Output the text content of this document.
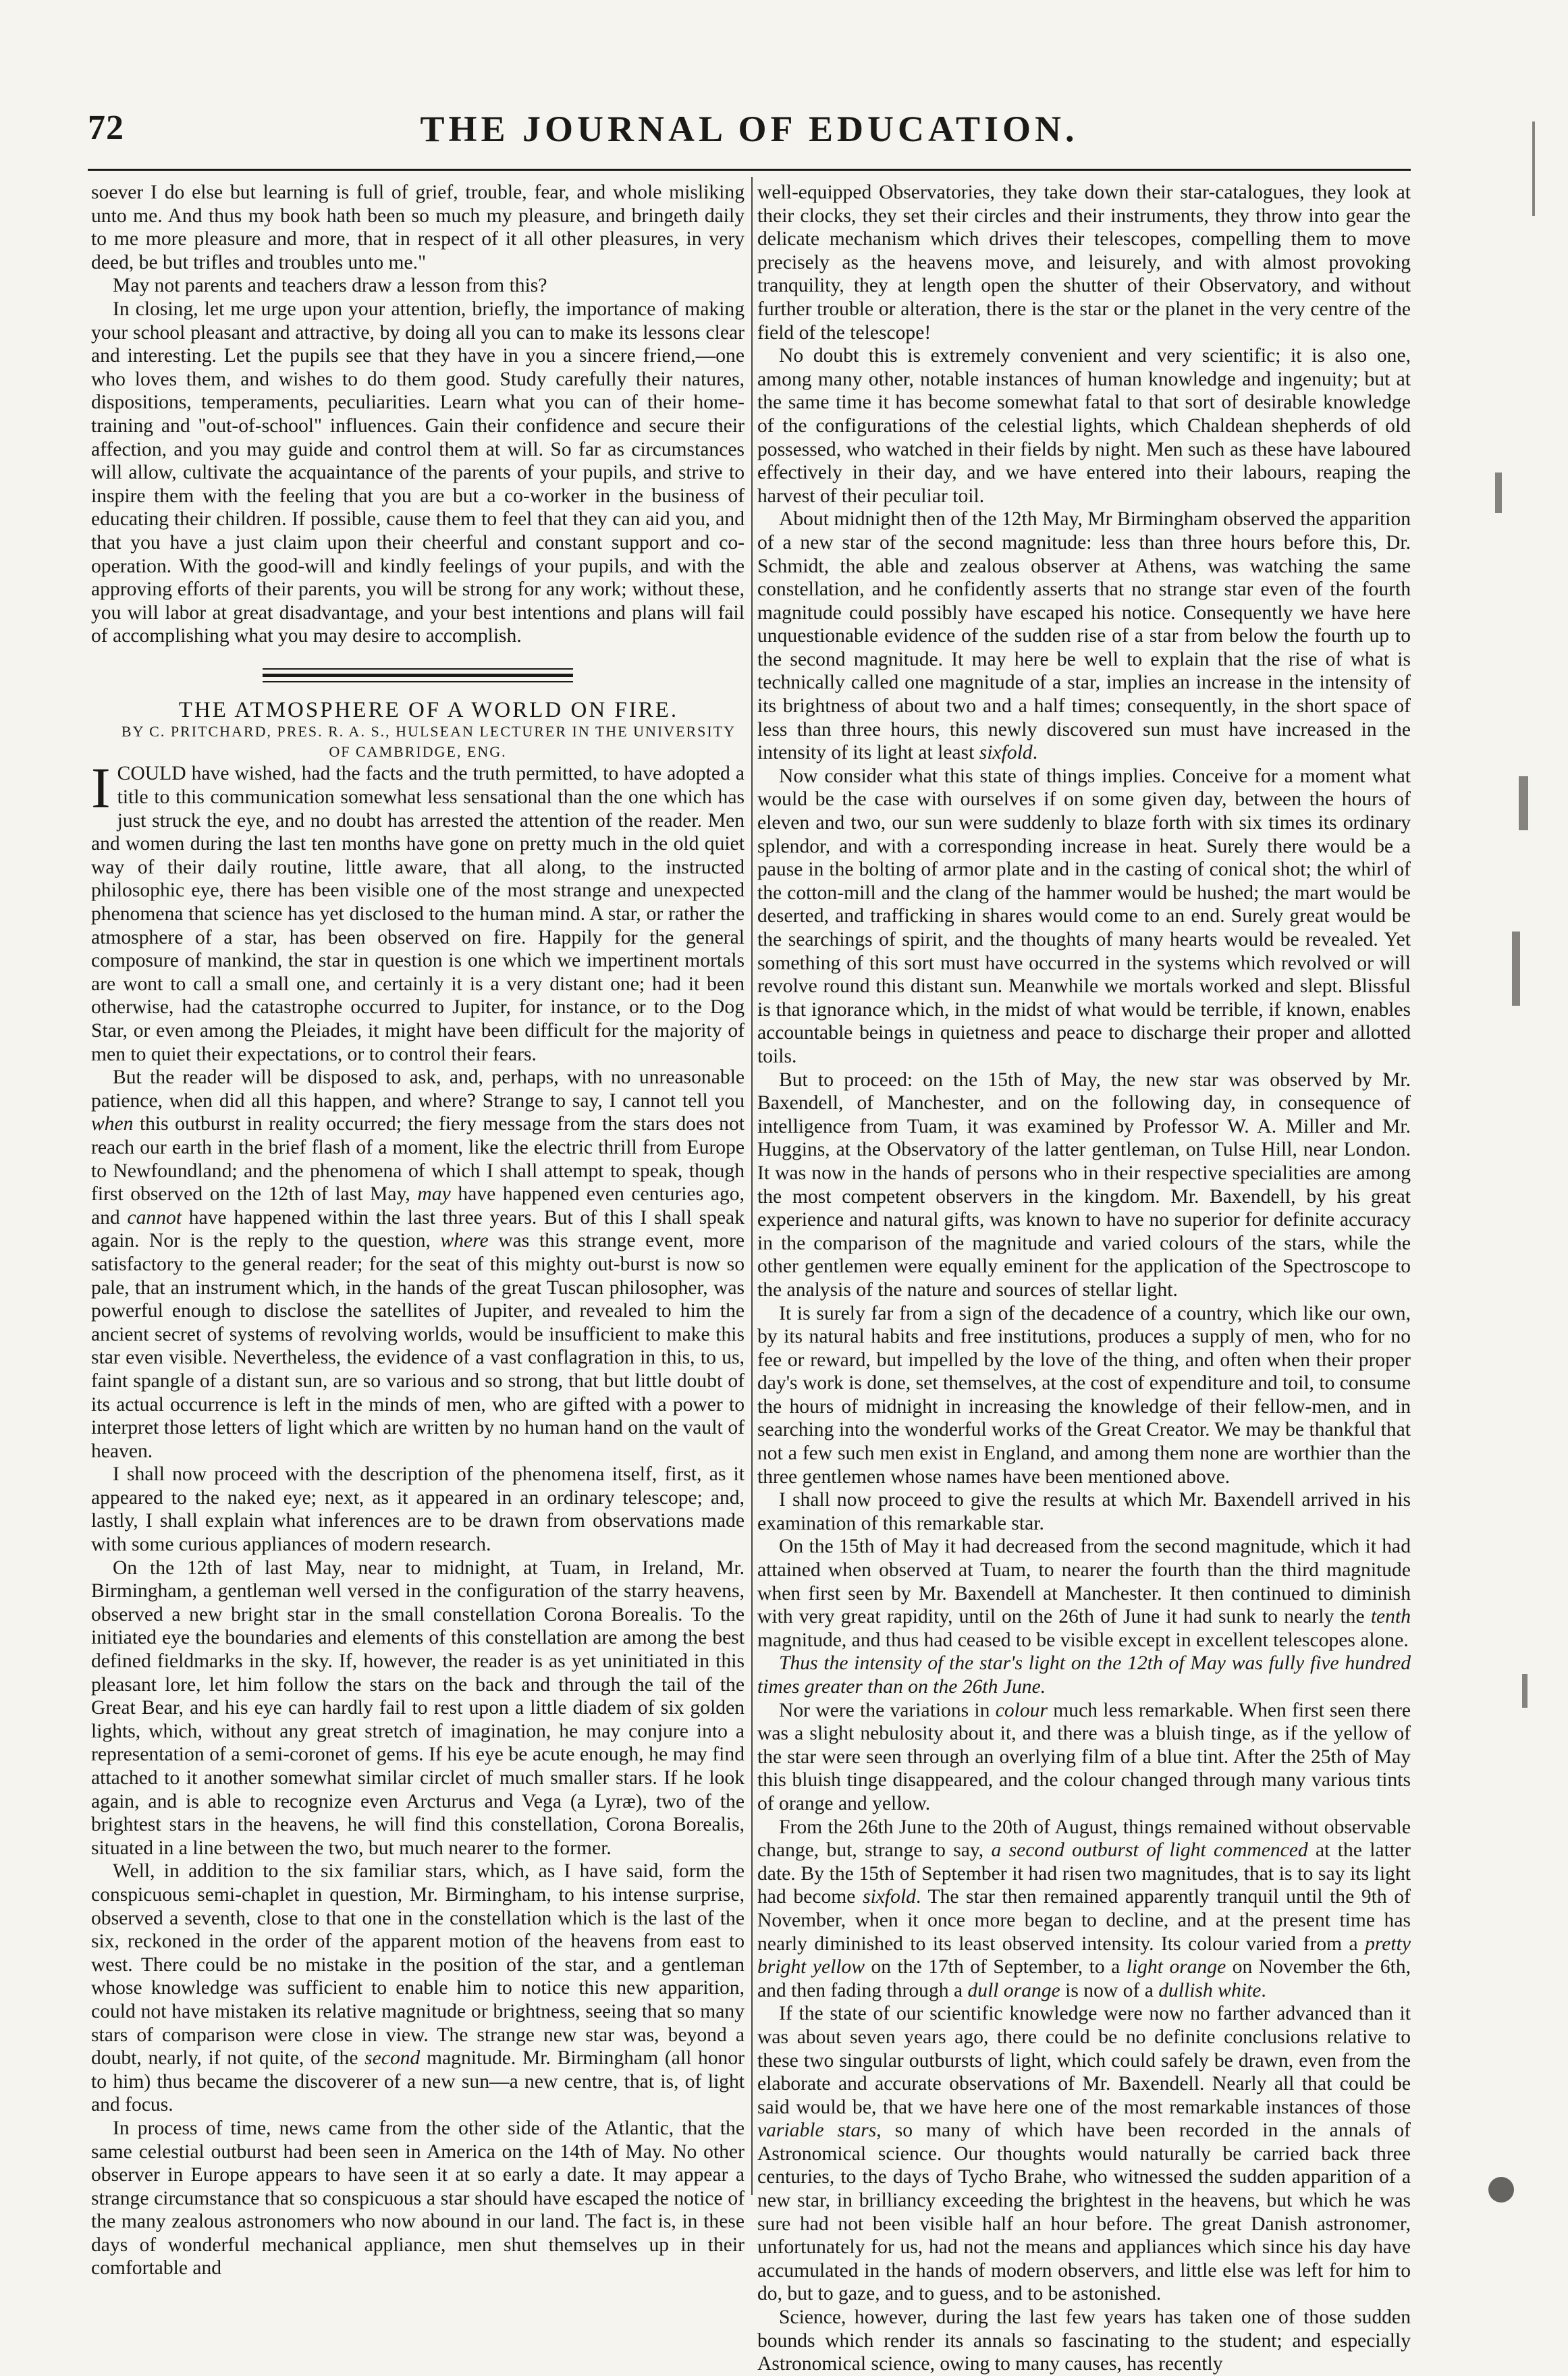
72	THE JOURNAL OF EDUCATION.

soever I do else but learning is full of grief, trouble, fear, and whole misliking unto me. And thus my book hath been so much my pleasure, and bringeth daily to me more pleasure and more, that in respect of it all other pleasures, in very deed, be but trifles and troubles unto me."

May not parents and teachers draw a lesson from this?

In closing, let me urge upon your attention, briefly, the importance of making your school pleasant and attractive, by doing all you can to make its lessons clear and interesting. Let the pupils see that they have in you a sincere friend,—one who loves them, and wishes to do them good. Study carefully their natures, dispositions, temperaments, peculiarities. Learn what you can of their home-training and "out-of-school" influences. Gain their confidence and secure their affection, and you may guide and control them at will. So far as circumstances will allow, cultivate the acquaintance of the parents of your pupils, and strive to inspire them with the feeling that you are but a co-worker in the business of educating their children. If possible, cause them to feel that they can aid you, and that you have a just claim upon their cheerful and constant support and co-operation. With the good-will and kindly feelings of your pupils, and with the approving efforts of their parents, you will be strong for any work; without these, you will labor at great disadvantage, and your best intentions and plans will fail of accomplishing what you may desire to accomplish.

THE ATMOSPHERE OF A WORLD ON FIRE.

BY C. PRITCHARD, PRES. R. A. S., HULSEAN LECTURER IN THE UNIVERSITY OF CAMBRIDGE, ENG.

ICOULD have wished, had the facts and the truth permitted, to have adopted a title to this communication somewhat less sensational than the one which has just struck the eye, and no doubt has arrested the attention of the reader. Men and women during the last ten months have gone on pretty much in the old quiet way of their daily routine, little aware, that all along, to the instructed philosophic eye, there has been visible one of the most strange and unexpected phenomena that science has yet disclosed to the human mind. A star, or rather the atmosphere of a star, has been observed on fire. Happily for the general composure of mankind, the star in question is one which we impertinent mortals are wont to call a small one, and certainly it is a very distant one; had it been otherwise, had the catastrophe occurred to Jupiter, for instance, or to the Dog Star, or even among the Pleiades, it might have been difficult for the majority of men to quiet their expectations, or to control their fears.

But the reader will be disposed to ask, and, perhaps, with no unreasonable patience, when did all this happen, and where? Strange to say, I cannot tell you when this outburst in reality occurred; the fiery message from the stars does not reach our earth in the brief flash of a moment, like the electric thrill from Europe to Newfoundland; and the phenomena of which I shall attempt to speak, though first observed on the 12th of last May, may have happened even centuries ago, and cannot have happened within the last three years. But of this I shall speak again. Nor is the reply to the question, where was this strange event, more satisfactory to the general reader; for the seat of this mighty out-burst is now so pale, that an instrument which, in the hands of the great Tuscan philosopher, was powerful enough to disclose the satellites of Jupiter, and revealed to him the ancient secret of systems of revolving worlds, would be insufficient to make this star even visible. Nevertheless, the evidence of a vast conflagration in this, to us, faint spangle of a distant sun, are so various and so strong, that but little doubt of its actual occurrence is left in the minds of men, who are gifted with a power to interpret those letters of light which are written by no human hand on the vault of heaven.

I shall now proceed with the description of the phenomena itself, first, as it appeared to the naked eye; next, as it appeared in an ordinary telescope; and, lastly, I shall explain what inferences are to be drawn from observations made with some curious appliances of modern research.

On the 12th of last May, near to midnight, at Tuam, in Ireland, Mr. Birmingham, a gentleman well versed in the configuration of the starry heavens, observed a new bright star in the small constellation Corona Borealis. To the initiated eye the boundaries and elements of this constellation are among the best defined fieldmarks in the sky. If, however, the reader is as yet uninitiated in this pleasant lore, let him follow the stars on the back and through the tail of the Great Bear, and his eye can hardly fail to rest upon a little diadem of six golden lights, which, without any great stretch of imagination, he may conjure into a representation of a semi-coronet of gems. If his eye be acute enough, he may find attached to it another somewhat similar circlet of much smaller stars. If he look again, and is able to recognize even Arcturus and Vega (a Lyræ), two of the brightest stars in the heavens, he will find this constellation, Corona Borealis, situated in a line between the two, but much nearer to the former.

Well, in addition to the six familiar stars, which, as I have said, form the conspicuous semi-chaplet in question, Mr. Birmingham, to his intense surprise, observed a seventh, close to that one in the constellation which is the last of the six, reckoned in the order of the apparent motion of the heavens from east to west. There could be no mistake in the position of the star, and a gentleman whose knowledge was sufficient to enable him to notice this new apparition, could not have mistaken its relative magnitude or brightness, seeing that so many stars of comparison were close in view. The strange new star was, beyond a doubt, nearly, if not quite, of the second magnitude. Mr. Birmingham (all honor to him) thus became the discoverer of a new sun—a new centre, that is, of light and focus.

In process of time, news came from the other side of the Atlantic, that the same celestial outburst had been seen in America on the 14th of May. No other observer in Europe appears to have seen it at so early a date. It may appear a strange circumstance that so conspicuous a star should have escaped the notice of the many zealous astronomers who now abound in our land. The fact is, in these days of wonderful mechanical appliance, men shut themselves up in their comfortable and

well-equipped Observatories, they take down their star-catalogues, they look at their clocks, they set their circles and their instruments, they throw into gear the delicate mechanism which drives their telescopes, compelling them to move precisely as the heavens move, and leisurely, and with almost provoking tranquility, they at length open the shutter of their Observatory, and without further trouble or alteration, there is the star or the planet in the very centre of the field of the telescope!

No doubt this is extremely convenient and very scientific; it is also one, among many other, notable instances of human knowledge and ingenuity; but at the same time it has become somewhat fatal to that sort of desirable knowledge of the configurations of the celestial lights, which Chaldean shepherds of old possessed, who watched in their fields by night. Men such as these have laboured effectively in their day, and we have entered into their labours, reaping the harvest of their peculiar toil.

About midnight then of the 12th May, Mr Birmingham observed the apparition of a new star of the second magnitude: less than three hours before this, Dr. Schmidt, the able and zealous observer at Athens, was watching the same constellation, and he confidently asserts that no strange star even of the fourth magnitude could possibly have escaped his notice. Consequently we have here unquestionable evidence of the sudden rise of a star from below the fourth up to the second magnitude. It may here be well to explain that the rise of what is technically called one magnitude of a star, implies an increase in the intensity of its brightness of about two and a half times; consequently, in the short space of less than three hours, this newly discovered sun must have increased in the intensity of its light at least sixfold.

Now consider what this state of things implies. Conceive for a moment what would be the case with ourselves if on some given day, between the hours of eleven and two, our sun were suddenly to blaze forth with six times its ordinary splendor, and with a corresponding increase in heat. Surely there would be a pause in the bolting of armor plate and in the casting of conical shot; the whirl of the cotton-mill and the clang of the hammer would be hushed; the mart would be deserted, and trafficking in shares would come to an end. Surely great would be the searchings of spirit, and the thoughts of many hearts would be revealed. Yet something of this sort must have occurred in the systems which revolved or will revolve round this distant sun. Meanwhile we mortals worked and slept. Blissful is that ignorance which, in the midst of what would be terrible, if known, enables accountable beings in quietness and peace to discharge their proper and allotted toils.

But to proceed: on the 15th of May, the new star was observed by Mr. Baxendell, of Manchester, and on the following day, in consequence of intelligence from Tuam, it was examined by Professor W. A. Miller and Mr. Huggins, at the Observatory of the latter gentleman, on Tulse Hill, near London. It was now in the hands of persons who in their respective specialities are among the most competent observers in the kingdom. Mr. Baxendell, by his great experience and natural gifts, was known to have no superior for definite accuracy in the comparison of the magnitude and varied colours of the stars, while the other gentlemen were equally eminent for the application of the Spectroscope to the analysis of the nature and sources of stellar light.

It is surely far from a sign of the decadence of a country, which like our own, by its natural habits and free institutions, produces a supply of men, who for no fee or reward, but impelled by the love of the thing, and often when their proper day's work is done, set themselves, at the cost of expenditure and toil, to consume the hours of midnight in increasing the knowledge of their fellow-men, and in searching into the wonderful works of the Great Creator. We may be thankful that not a few such men exist in England, and among them none are worthier than the three gentlemen whose names have been mentioned above.

I shall now proceed to give the results at which Mr. Baxendell arrived in his examination of this remarkable star.

On the 15th of May it had decreased from the second magnitude, which it had attained when observed at Tuam, to nearer the fourth than the third magnitude when first seen by Mr. Baxendell at Manchester. It then continued to diminish with very great rapidity, until on the 26th of June it had sunk to nearly the tenth magnitude, and thus had ceased to be visible except in excellent telescopes alone.

Thus the intensity of the star's light on the 12th of May was fully five hundred times greater than on the 26th June.

Nor were the variations in colour much less remarkable. When first seen there was a slight nebulosity about it, and there was a bluish tinge, as if the yellow of the star were seen through an overlying film of a blue tint. After the 25th of May this bluish tinge disappeared, and the colour changed through many various tints of orange and yellow.

From the 26th June to the 20th of August, things remained without observable change, but, strange to say, a second outburst of light commenced at the latter date. By the 15th of September it had risen two magnitudes, that is to say its light had become sixfold. The star then remained apparently tranquil until the 9th of November, when it once more began to decline, and at the present time has nearly diminished to its least observed intensity. Its colour varied from a pretty bright yellow on the 17th of September, to a light orange on November the 6th, and then fading through a dull orange is now of a dullish white.

If the state of our scientific knowledge were now no farther advanced than it was about seven years ago, there could be no definite conclusions relative to these two singular outbursts of light, which could safely be drawn, even from the elaborate and accurate observations of Mr. Baxendell. Nearly all that could be said would be, that we have here one of the most remarkable instances of those variable stars, so many of which have been recorded in the annals of Astronomical science. Our thoughts would naturally be carried back three centuries, to the days of Tycho Brahe, who witnessed the sudden apparition of a new star, in brilliancy exceeding the brightest in the heavens, but which he was sure had not been visible half an hour before. The great Danish astronomer, unfortunately for us, had not the means and appliances which since his day have accumulated in the hands of modern observers, and little else was left for him to do, but to gaze, and to guess, and to be astonished.

Science, however, during the last few years has taken one of those sudden bounds which render its annals so fascinating to the student; and especially Astronomical science, owing to many causes, has recently
